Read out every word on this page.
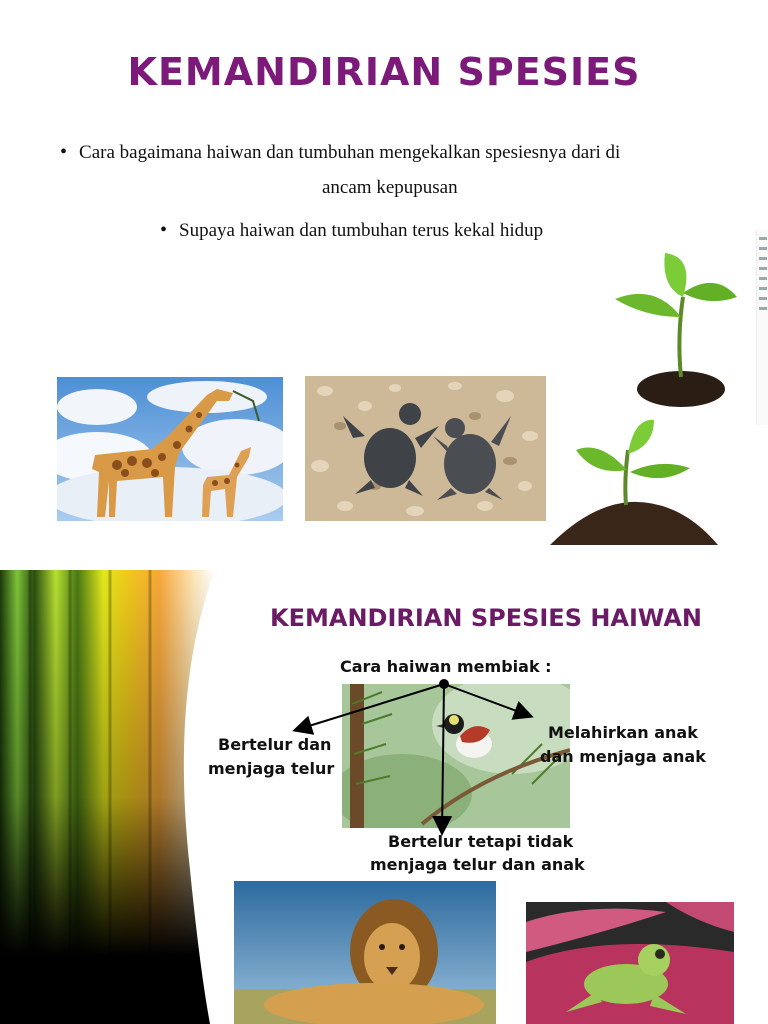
KEMANDIRIAN SPESIES
• Cara bagaimana haiwan dan tumbuhan mengekalkan spesiesnya dari di
ancam kepupusan
• Supaya haiwan dan tumbuhan terus kekal hidup
KEMANDIRIAN SPESIES HAIWAN
Cara haiwan membiak :
Bertelur dan
menjaga telur
Melahirkan anak
dan menjaga anak
Bertelur tetapi tidak
menjaga telur dan anak
